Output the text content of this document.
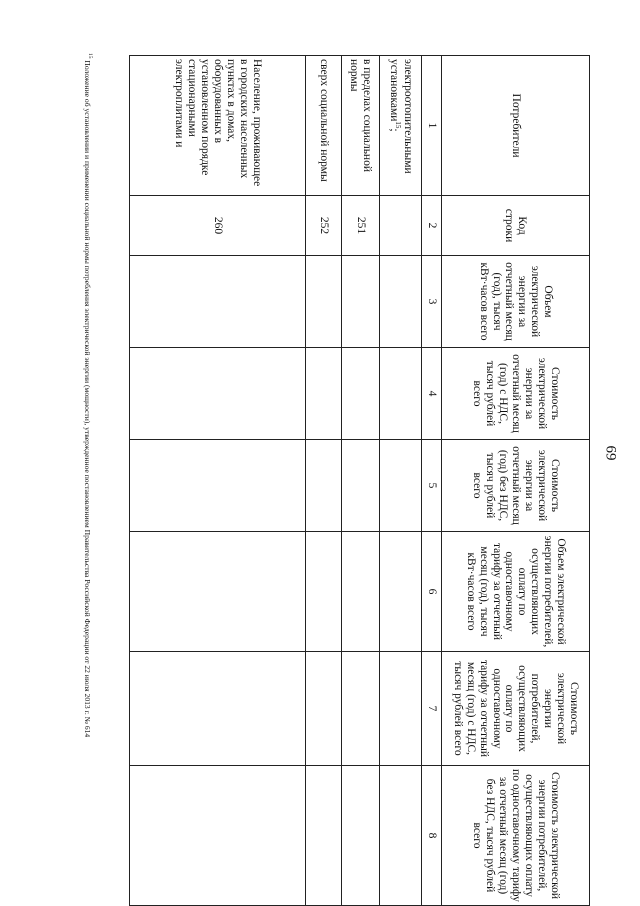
69
$^{15}$ Положение об установлении и применении социальной нормы потребления электрической энергии (мощности), утвержденное постановлением Правительства Российской Федерации от 22 июля 2013 г. № 614	Потребители	Код строки	Объем электрической энергии за отчетный месяц (год), тысяч кВт·часов всего	Стоимость электрической энергии за отчетный месяц (год) с НДС, тысяч рублей всего	Стоимость электрической энергии за отчетный месяц (год) без НДС, тысяч рублей всего	Объем электрической энергии потребителей, осуществляющих оплату по одноставочному тарифу за отчетный месяц (год), тысяч кВт·часов всего	Стоимость электрической энергии потребителей, осуществляющих оплату по одноставочному тарифу за отчетный месяц (год) с НДС, тысяч рублей всего	Стоимость электрической энергии потребителей, осуществляющих оплату по одноставочному тарифу за отчетный месяц (год) без НДС, тысяч рублей всего
1	2	3	4	5	6	7	8
электроотопительными установками$^{15}$;							
в пределах социальной нормы	251						
сверх социальной нормы	252						
Население, проживающее в городских населенных пунктах в домах, оборудованных в установленном порядке стационарными электроплитами и	260						
